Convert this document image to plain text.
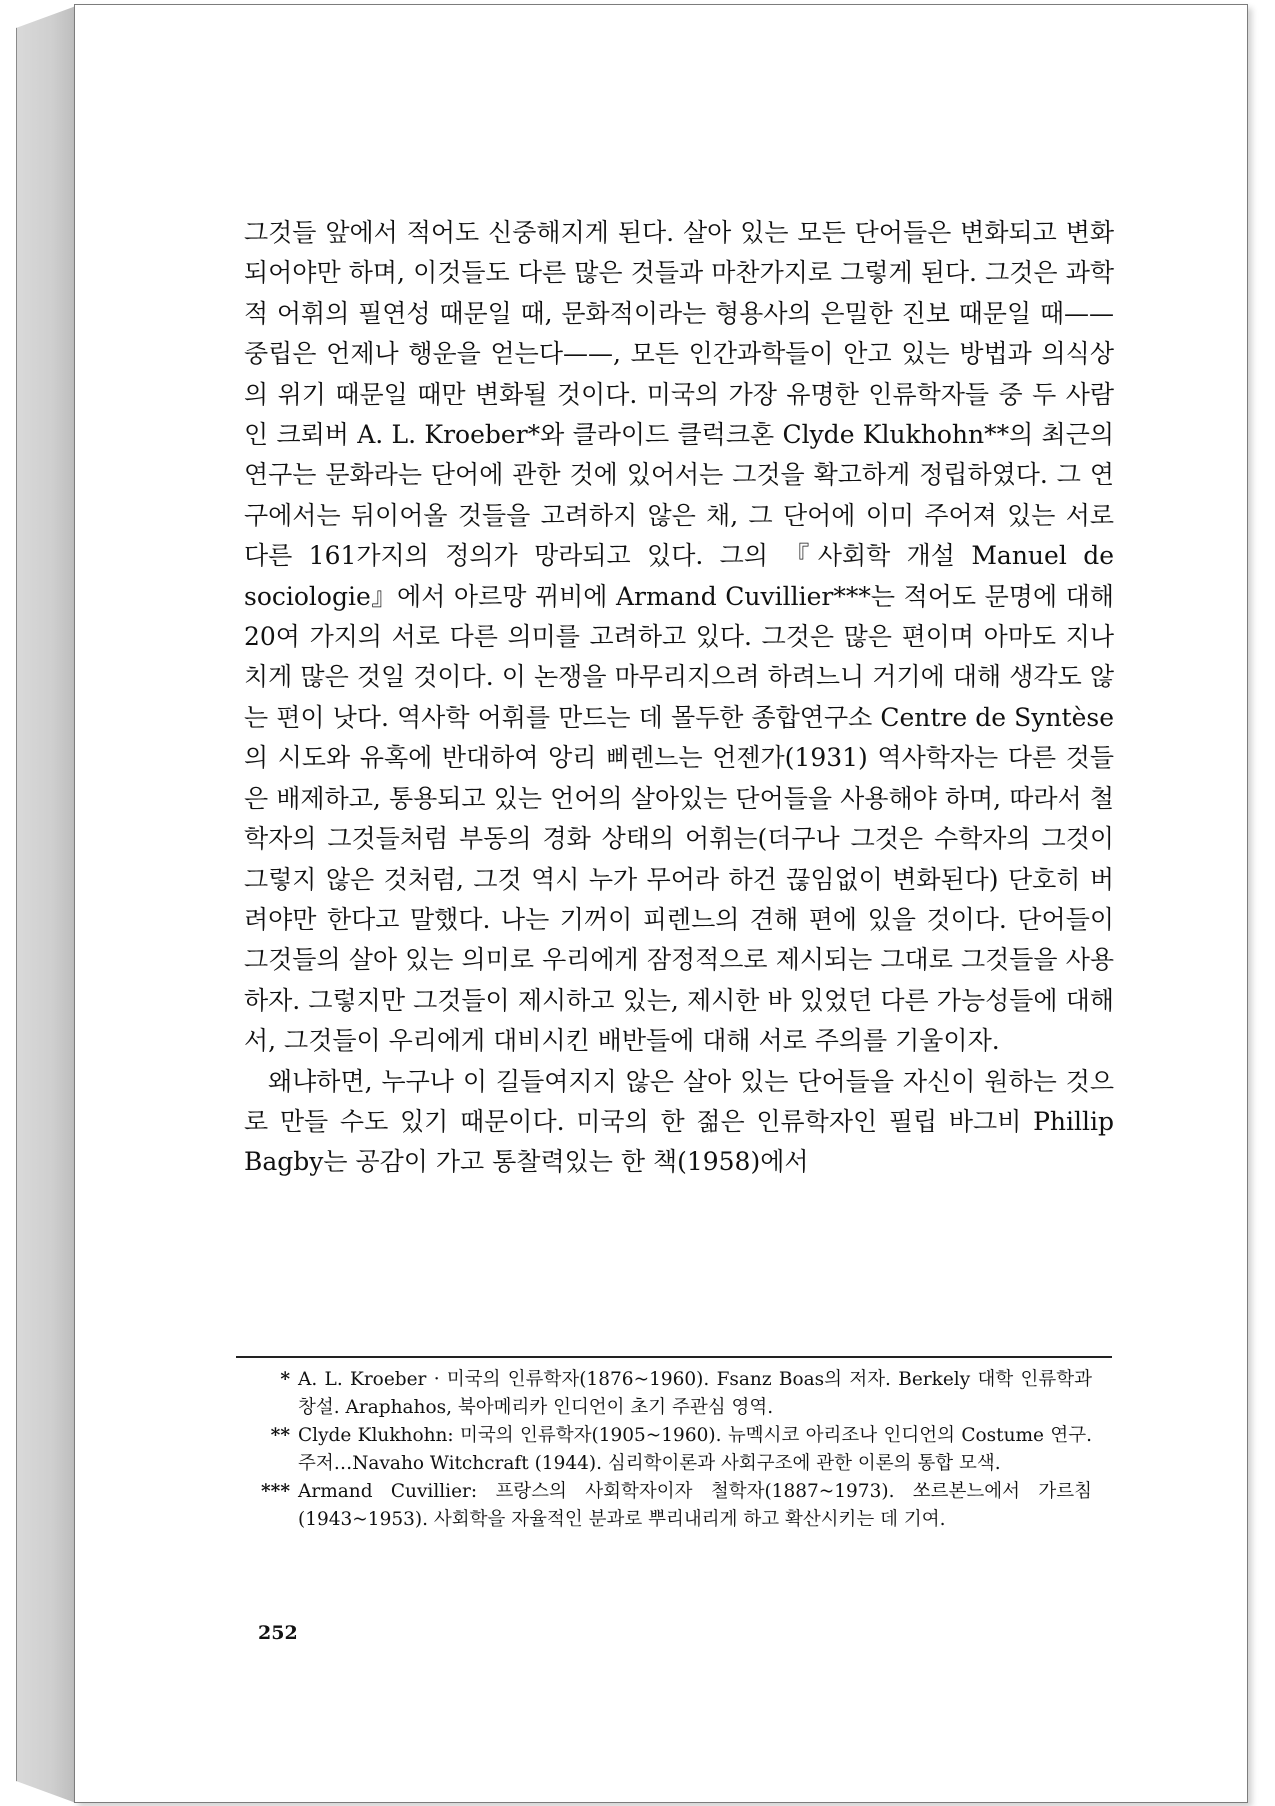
그것들 앞에서 적어도 신중해지게 된다. 살아 있는 모든 단어들은 변화되고 변화되어야만 하며, 이것들도 다른 많은 것들과 마찬가지로 그렇게 된다. 그것은 과학적 어휘의 필연성 때문일 때, 문화적이라는 형용사의 은밀한 진보 때문일 때——중립은 언제나 행운을 얻는다——, 모든 인간과학들이 안고 있는 방법과 의식상의 위기 때문일 때만 변화될 것이다. 미국의 가장 유명한 인류학자들 중 두 사람인 크뢰버 A. L. Kroeber*와 클라이드 클럭크혼 Clyde Klukhohn**의 최근의 연구는 문화라는 단어에 관한 것에 있어서는 그것을 확고하게 정립하였다. 그 연구에서는 뒤이어올 것들을 고려하지 않은 채, 그 단어에 이미 주어져 있는 서로 다른 161가지의 정의가 망라되고 있다. 그의 『사회학 개설 Manuel de sociologie』에서 아르망 뀌비에 Armand Cuvillier***는 적어도 문명에 대해 20여 가지의 서로 다른 의미를 고려하고 있다. 그것은 많은 편이며 아마도 지나치게 많은 것일 것이다. 이 논쟁을 마무리지으려 하려느니 거기에 대해 생각도 않는 편이 낫다. 역사학 어휘를 만드는 데 몰두한 종합연구소 Centre de Syntèse의 시도와 유혹에 반대하여 앙리 삐렌느는 언젠가(1931) 역사학자는 다른 것들은 배제하고, 통용되고 있는 언어의 살아있는 단어들을 사용해야 하며, 따라서 철학자의 그것들처럼 부동의 경화 상태의 어휘는(더구나 그것은 수학자의 그것이 그렇지 않은 것처럼, 그것 역시 누가 무어라 하건 끊임없이 변화된다) 단호히 버려야만 한다고 말했다. 나는 기꺼이 피렌느의 견해 편에 있을 것이다. 단어들이 그것들의 살아 있는 의미로 우리에게 잠정적으로 제시되는 그대로 그것들을 사용하자. 그렇지만 그것들이 제시하고 있는, 제시한 바 있었던 다른 가능성들에 대해서, 그것들이 우리에게 대비시킨 배반들에 대해 서로 주의를 기울이자.

왜냐하면, 누구나 이 길들여지지 않은 살아 있는 단어들을 자신이 원하는 것으로 만들 수도 있기 때문이다. 미국의 한 젊은 인류학자인 필립 바그비 Phillip Bagby는 공감이 가고 통찰력있는 한 책(1958)에서

* A. L. Kroeber · 미국의 인류학자(1876~1960). Fsanz Boas의 저자. Berkely 대학 인류학과 창설. Araphahos, 북아메리카 인디언이 초기 주관심 영역.
** Clyde Klukhohn: 미국의 인류학자(1905~1960). 뉴멕시코 아리조나 인디언의 Costume 연구. 주저…Navaho Witchcraft (1944). 심리학이론과 사회구조에 관한 이론의 통합 모색.
*** Armand Cuvillier: 프랑스의 사회학자이자 철학자(1887~1973). 쏘르본느에서 가르침(1943~1953). 사회학을 자율적인 분과로 뿌리내리게 하고 확산시키는 데 기여.
252
